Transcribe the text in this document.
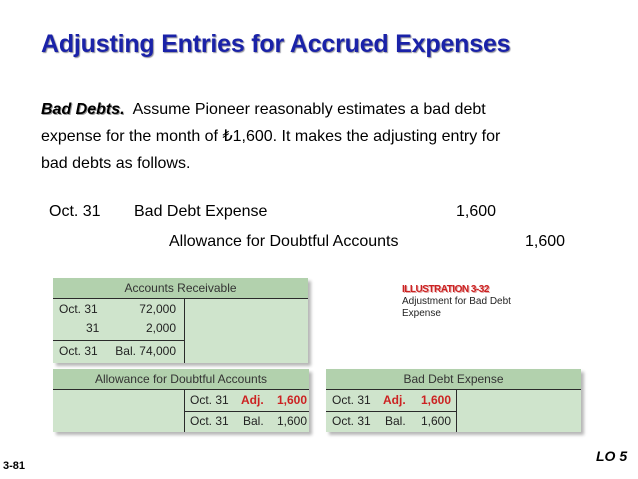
Adjusting Entries for Accrued Expenses
Bad Debts.  Assume Pioneer reasonably estimates a bad debt
expense for the month of ₺1,600. It makes the adjusting entry for
bad debts as follows.
Oct. 31 Bad Debt Expense	1,600
Allowance for Doubtful Accounts	1,600
ILLUSTRATION 3-32
Adjustment for Bad Debt
Expense
Accounts Receivable
Oct. 31	72,000
31	2,000
Oct. 31	Bal. 74,000
Allowance for Doubtful Accounts
Oct. 31 Adj.	1,600
Oct. 31 Bal.	1,600
Bad Debt Expense
Oct. 31 Adj.	1,600
Oct. 31 Bal.	1,600
3-81
LO 5
